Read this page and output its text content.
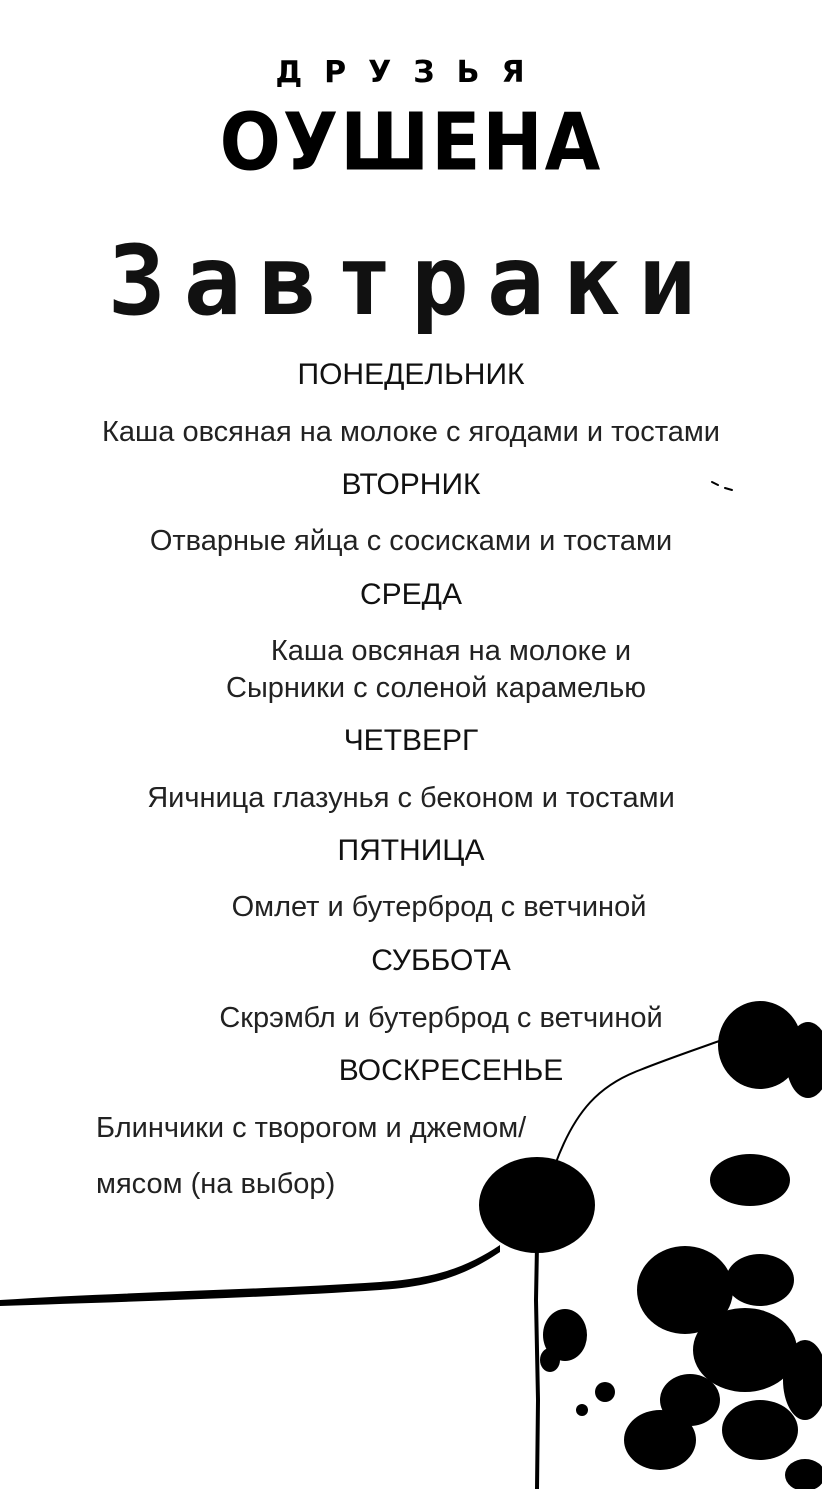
ДРУЗЬЯ
ОУШЕНА
Завтраки
ПОНЕДЕЛЬНИК
Каша овсяная на молоке с ягодами и тостами
ВТОРНИК
Отварные яйца с сосисками и тостами
СРЕДА
Каша овсяная на молоке и
Сырники с соленой карамелью
ЧЕТВЕРГ
Яичница глазунья с беконом и тостами
ПЯТНИЦА
Омлет и бутерброд с ветчиной
СУББОТА
Скрэмбл и бутерброд с ветчиной
ВОСКРЕСЕНЬЕ
Блинчики с творогом и джемом/
мясом (на выбор)
